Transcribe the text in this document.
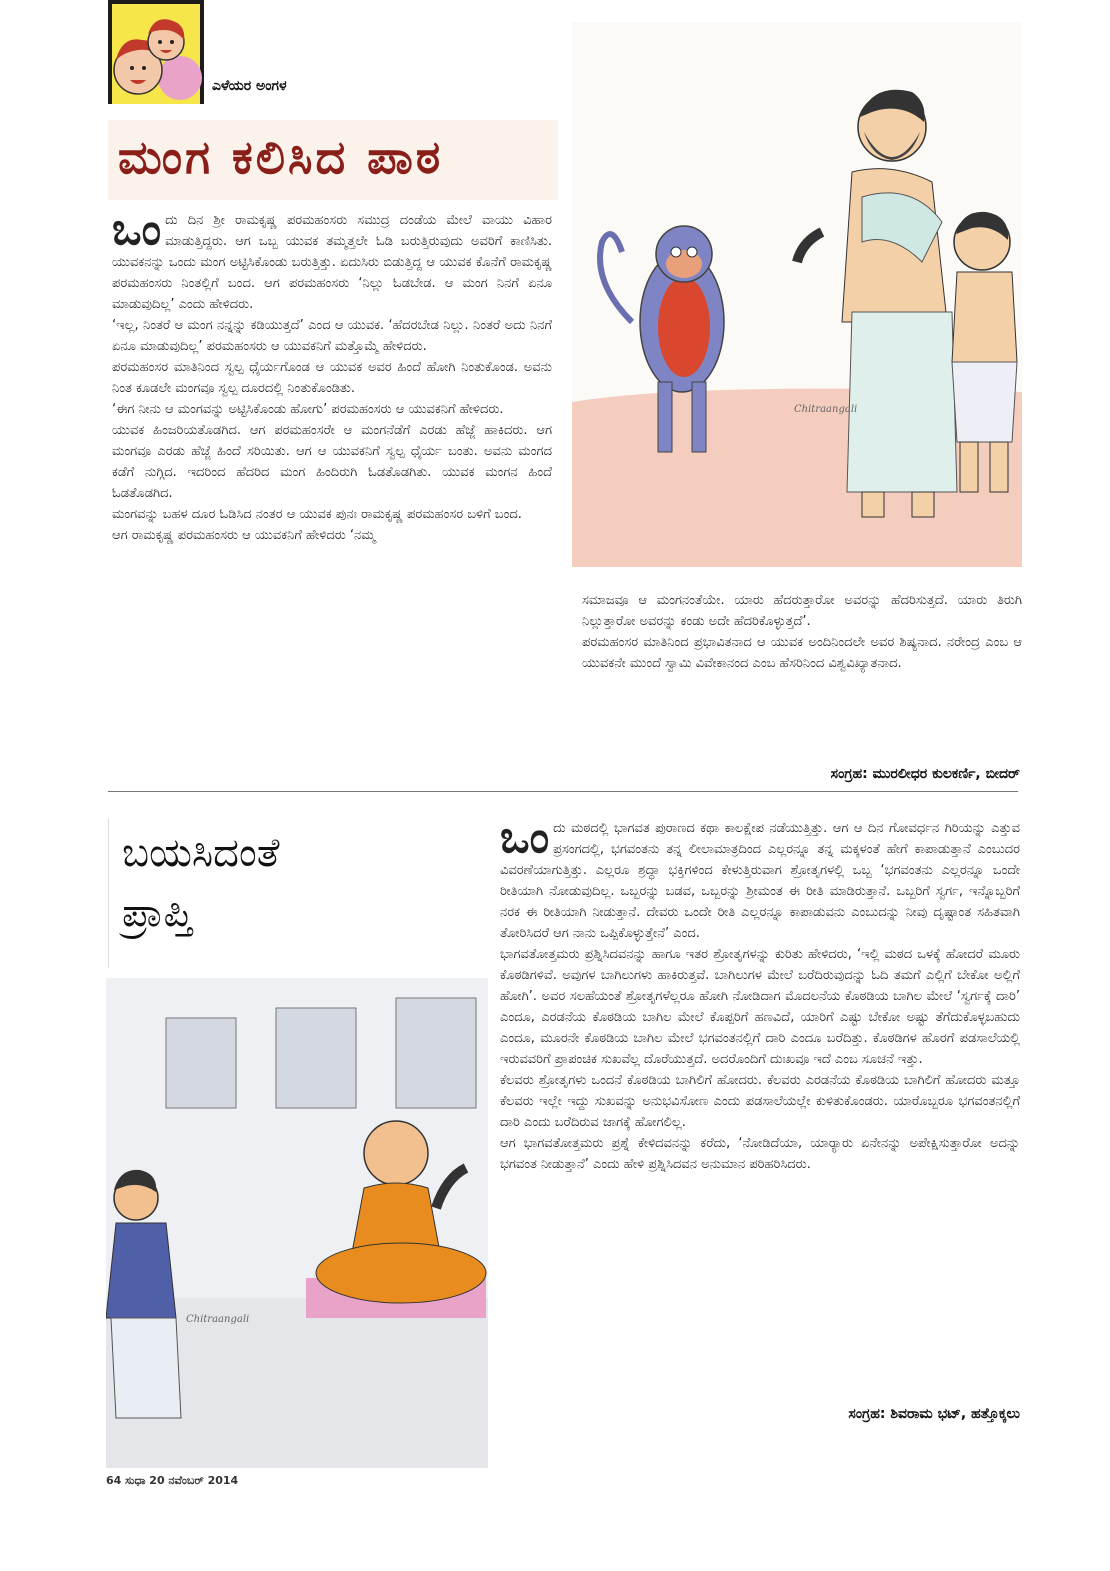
ಎಳೆಯರ ಅಂಗಳ
ಮಂಗ ಕಲಿಸಿದ ಪಾಠ

ಒಂದು ದಿನ ಶ್ರೀ ರಾಮಕೃಷ್ಣ ಪರಮಹಂಸರು ಸಮುದ್ರ ದಂಡೆಯ ಮೇಲೆ ವಾಯು ವಿಹಾರ ಮಾಡುತ್ತಿದ್ದರು. ಆಗ ಒಬ್ಬ ಯುವಕ ತಮ್ಮತ್ತಲೇ ಓಡಿ ಬರುತ್ತಿರುವುದು ಅವರಿಗೆ ಕಾಣಿಸಿತು. ಯುವಕನನ್ನು ಒಂದು ಮಂಗ ಅಟ್ಟಿಸಿಕೊಂಡು ಬರುತ್ತಿತ್ತು. ಏದುಸಿರು ಬಿಡುತ್ತಿದ್ದ ಆ ಯುವಕ ಕೊನೆಗೆ ರಾಮಕೃಷ್ಣ ಪರಮಹಂಸರು ನಿಂತಲ್ಲಿಗೆ ಬಂದ. ಆಗ ಪರಮಹಂಸರು ‘ನಿಲ್ಲು ಓಡಬೇಡ. ಆ ಮಂಗ ನಿನಗೆ ಏನೂ ಮಾಡುವುದಿಲ್ಲ’ ಎಂದು ಹೇಳಿದರು.

‘ಇಲ್ಲ, ನಿಂತರೆ ಆ ಮಂಗ ನನ್ನನ್ನು ಕಡಿಯುತ್ತದೆ’ ಎಂದ ಆ ಯುವಕ. ‘ಹೆದರಬೇಡ ನಿಲ್ಲು. ನಿಂತರೆ ಅದು ನಿನಗೆ ಏನೂ ಮಾಡುವುದಿಲ್ಲ’ ಪರಮಹಂಸರು ಆ ಯುವಕನಿಗೆ ಮತ್ತೊಮ್ಮೆ ಹೇಳಿದರು.

ಪರಮಹಂಸರ ಮಾತಿನಿಂದ ಸ್ವಲ್ಪ ಧೈರ್ಯಗೊಂಡ ಆ ಯುವಕ ಅವರ ಹಿಂದೆ ಹೋಗಿ ನಿಂತುಕೊಂಡ. ಅವನು ನಿಂತ ಕೂಡಲೇ ಮಂಗವೂ ಸ್ವಲ್ಪ ದೂರದಲ್ಲಿ ನಿಂತುಕೊಂಡಿತು.

‘ಈಗ ನೀನು ಆ ಮಂಗವನ್ನು ಅಟ್ಟಿಸಿಕೊಂಡು ಹೋಗು’ ಪರಮಹಂಸರು ಆ ಯುವಕನಿಗೆ ಹೇಳಿದರು.

ಯುವಕ ಹಿಂಜರಿಯತೊಡಗಿದ. ಆಗ ಪರಮಹಂಸರೇ ಆ ಮಂಗನೆಡೆಗೆ ಎರಡು ಹೆಜ್ಜೆ ಹಾಕಿದರು. ಆಗ ಮಂಗವೂ ಎರಡು ಹೆಜ್ಜೆ ಹಿಂದೆ ಸರಿಯಿತು. ಆಗ ಆ ಯುವಕನಿಗೆ ಸ್ವಲ್ಪ ಧೈರ್ಯ ಬಂತು. ಅವನು ಮಂಗದ ಕಡೆಗೆ ನುಗ್ಗಿದ. ಇದರಿಂದ ಹೆದರಿದ ಮಂಗ ಹಿಂದಿರುಗಿ ಓಡತೊಡಗಿತು. ಯುವಕ ಮಂಗನ ಹಿಂದೆ ಓಡತೊಡಗಿದ.

ಮಂಗವನ್ನು ಬಹಳ ದೂರ ಓಡಿಸಿದ ನಂತರ ಆ ಯುವಕ ಪುನಃ ರಾಮಕೃಷ್ಣ ಪರಮಹಂಸರ ಬಳಿಗೆ ಬಂದ.

ಆಗ ರಾಮಕೃಷ್ಣ ಪರಮಹಂಸರು ಆ ಯುವಕನಿಗೆ ಹೇಳಿದರು ‘ನಮ್ಮ

Chitraangali

ಸಮಾಜವೂ ಆ ಮಂಗನಂತೆಯೇ. ಯಾರು ಹೆದರುತ್ತಾರೋ ಅವರನ್ನು ಹೆದರಿಸುತ್ತದೆ. ಯಾರು ತಿರುಗಿ ನಿಲ್ಲುತ್ತಾರೋ ಅವರನ್ನು ಕಂಡು ಅದೇ ಹೆದರಿಕೊಳ್ಳುತ್ತದೆ’.

ಪರಮಹಂಸರ ಮಾತಿನಿಂದ ಪ್ರಭಾವಿತನಾದ ಆ ಯುವಕ ಅಂದಿನಿಂದಲೇ ಅವರ ಶಿಷ್ಯನಾದ. ನರೇಂದ್ರ ಎಂಬ ಆ ಯುವಕನೇ ಮುಂದೆ ಸ್ವಾಮಿ ವಿವೇಕಾನಂದ ಎಂಬ ಹೆಸರಿನಿಂದ ವಿಶ್ವವಿಖ್ಯಾತನಾದ.

ಸಂಗ್ರಹ: ಮುರಲೀಧರ ಕುಲಕರ್ಣಿ, ಬೀದರ್
ಬಯಸಿದಂತೆ
ಪ್ರಾಪ್ತಿ
Chitraangali

ಒಂದು ಮಠದಲ್ಲಿ ಭಾಗವತ ಪುರಾಣದ ಕಥಾ ಕಾಲಕ್ಷೇಪ ನಡೆಯುತ್ತಿತ್ತು. ಆಗ ಆ ದಿನ ಗೋವರ್ಧನ ಗಿರಿಯನ್ನು ಎತ್ತುವ ಪ್ರಸಂಗದಲ್ಲಿ, ಭಗವಂತನು ತನ್ನ ಲೀಲಾಮಾತ್ರದಿಂದ ಎಲ್ಲರನ್ನೂ ತನ್ನ ಮಕ್ಕಳಂತೆ ಹೇಗೆ ಕಾಪಾಡುತ್ತಾನೆ ಎಂಬುದರ ವಿವರಣೆಯಾಗುತ್ತಿತ್ತು. ಎಲ್ಲರೂ ಶ್ರದ್ಧಾ ಭಕ್ತಿಗಳಿಂದ ಕೇಳುತ್ತಿರುವಾಗ ಶ್ರೋತೃಗಳಲ್ಲಿ ಒಬ್ಬ ‘ಭಗವಂತನು ಎಲ್ಲರನ್ನೂ ಒಂದೇ ರೀತಿಯಾಗಿ ನೋಡುವುದಿಲ್ಲ. ಒಬ್ಬರನ್ನು ಬಡವ, ಒಬ್ಬರನ್ನು ಶ್ರೀಮಂತ ಈ ರೀತಿ ಮಾಡಿರುತ್ತಾನೆ. ಒಬ್ಬರಿಗೆ ಸ್ವರ್ಗ, ಇನ್ನೊಬ್ಬರಿಗೆ ನರಕ ಈ ರೀತಿಯಾಗಿ ನೀಡುತ್ತಾನೆ. ದೇವರು ಒಂದೇ ರೀತಿ ಎಲ್ಲರನ್ನೂ ಕಾಪಾಡುವನು ಎಂಬುದನ್ನು ನೀವು ದೃಷ್ಟಾಂತ ಸಹಿತವಾಗಿ ತೋರಿಸಿದರೆ ಆಗ ನಾನು ಒಪ್ಪಿಕೊಳ್ಳುತ್ತೇನೆ’ ಎಂದ.

ಭಾಗವತೋತ್ತಮರು ಪ್ರಶ್ನಿಸಿದವನನ್ನು ಹಾಗೂ ಇತರ ಶ್ರೋತೃಗಳನ್ನು ಕುರಿತು ಹೇಳಿದರು, ‘ಇಲ್ಲಿ ಮಠದ ಒಳಕ್ಕೆ ಹೋದರೆ ಮೂರು ಕೊಠಡಿಗಳಿವೆ. ಅವುಗಳ ಬಾಗಿಲುಗಳು ಹಾಕಿರುತ್ತವೆ. ಬಾಗಿಲುಗಳ ಮೇಲೆ ಬರೆದಿರುವುದನ್ನು ಓದಿ ತಮಗೆ ಎಲ್ಲಿಗೆ ಬೇಕೋ ಅಲ್ಲಿಗೆ ಹೋಗಿ’. ಅವರ ಸಲಹೆಯಂತೆ ಶ್ರೋತೃಗಳೆಲ್ಲರೂ ಹೋಗಿ ನೋಡಿದಾಗ ಮೊದಲನೆಯ ಕೊಠಡಿಯ ಬಾಗಿಲ ಮೇಲೆ ‘ಸ್ವರ್ಗಕ್ಕೆ ದಾರಿ’ ಎಂದೂ, ಎರಡನೆಯ ಕೊಠಡಿಯ ಬಾಗಿಲ ಮೇಲೆ ಕೊಪ್ಪರಿಗೆ ಹಣವಿದೆ, ಯಾರಿಗೆ ಎಷ್ಟು ಬೇಕೋ ಅಷ್ಟು ತೆಗೆದುಕೊಳ್ಳಬಹುದು ಎಂದೂ, ಮೂರನೇ ಕೊಠಡಿಯ ಬಾಗಿಲ ಮೇಲೆ ಭಗವಂತನಲ್ಲಿಗೆ ದಾರಿ ಎಂದೂ ಬರೆದಿತ್ತು. ಕೊಠಡಿಗಳ ಹೊರಗೆ ಪಡಸಾಲೆಯಲ್ಲಿ ಇರುವವರಿಗೆ ಪ್ರಾಪಂಚಿಕ ಸುಖವೆಲ್ಲ ದೊರೆಯುತ್ತದೆ. ಅದರೊಂದಿಗೆ ದುಃಖವೂ ಇದೆ ಎಂಬ ಸೂಚನೆ ಇತ್ತು.

ಕೆಲವರು ಶ್ರೋತೃಗಳು ಒಂದನೆ ಕೊಠಡಿಯ ಬಾಗಿಲಿಗೆ ಹೋದರು. ಕೆಲವರು ಎರಡನೆಯ ಕೊಠಡಿಯ ಬಾಗಿಲಿಗೆ ಹೋದರು ಮತ್ತೂ ಕೆಲವರು ಇಲ್ಲೇ ಇದ್ದು ಸುಖವನ್ನು ಅನುಭವಿಸೋಣ ಎಂದು ಪಡಸಾಲೆಯಲ್ಲೇ ಕುಳಿತುಕೊಂಡರು. ಯಾರೊಬ್ಬರೂ ಭಗವಂತನಲ್ಲಿಗೆ ದಾರಿ ಎಂದು ಬರೆದಿರುವ ಜಾಗಕ್ಕೆ ಹೋಗಲಿಲ್ಲ.

ಆಗ ಭಾಗವತೋತ್ತಮರು ಪ್ರಶ್ನೆ ಕೇಳಿದವನನ್ನು ಕರೆದು, ‘ನೋಡಿದೆಯಾ, ಯಾರ್‍ಯಾರು ಏನೇನನ್ನು ಅಪೇಕ್ಷಿಸುತ್ತಾರೋ ಅದನ್ನು ಭಗವಂತ ನೀಡುತ್ತಾನೆ’ ಎಂದು ಹೇಳಿ ಪ್ರಶ್ನಿಸಿದವನ ಅನುಮಾನ ಪರಿಹರಿಸಿದರು.

ಸಂಗ್ರಹ: ಶಿವರಾಮ ಭಟ್, ಹತ್ತೊಕ್ಕಲು
64 ಸುಧಾ 20 ನವೆಂಬರ್ 2014
